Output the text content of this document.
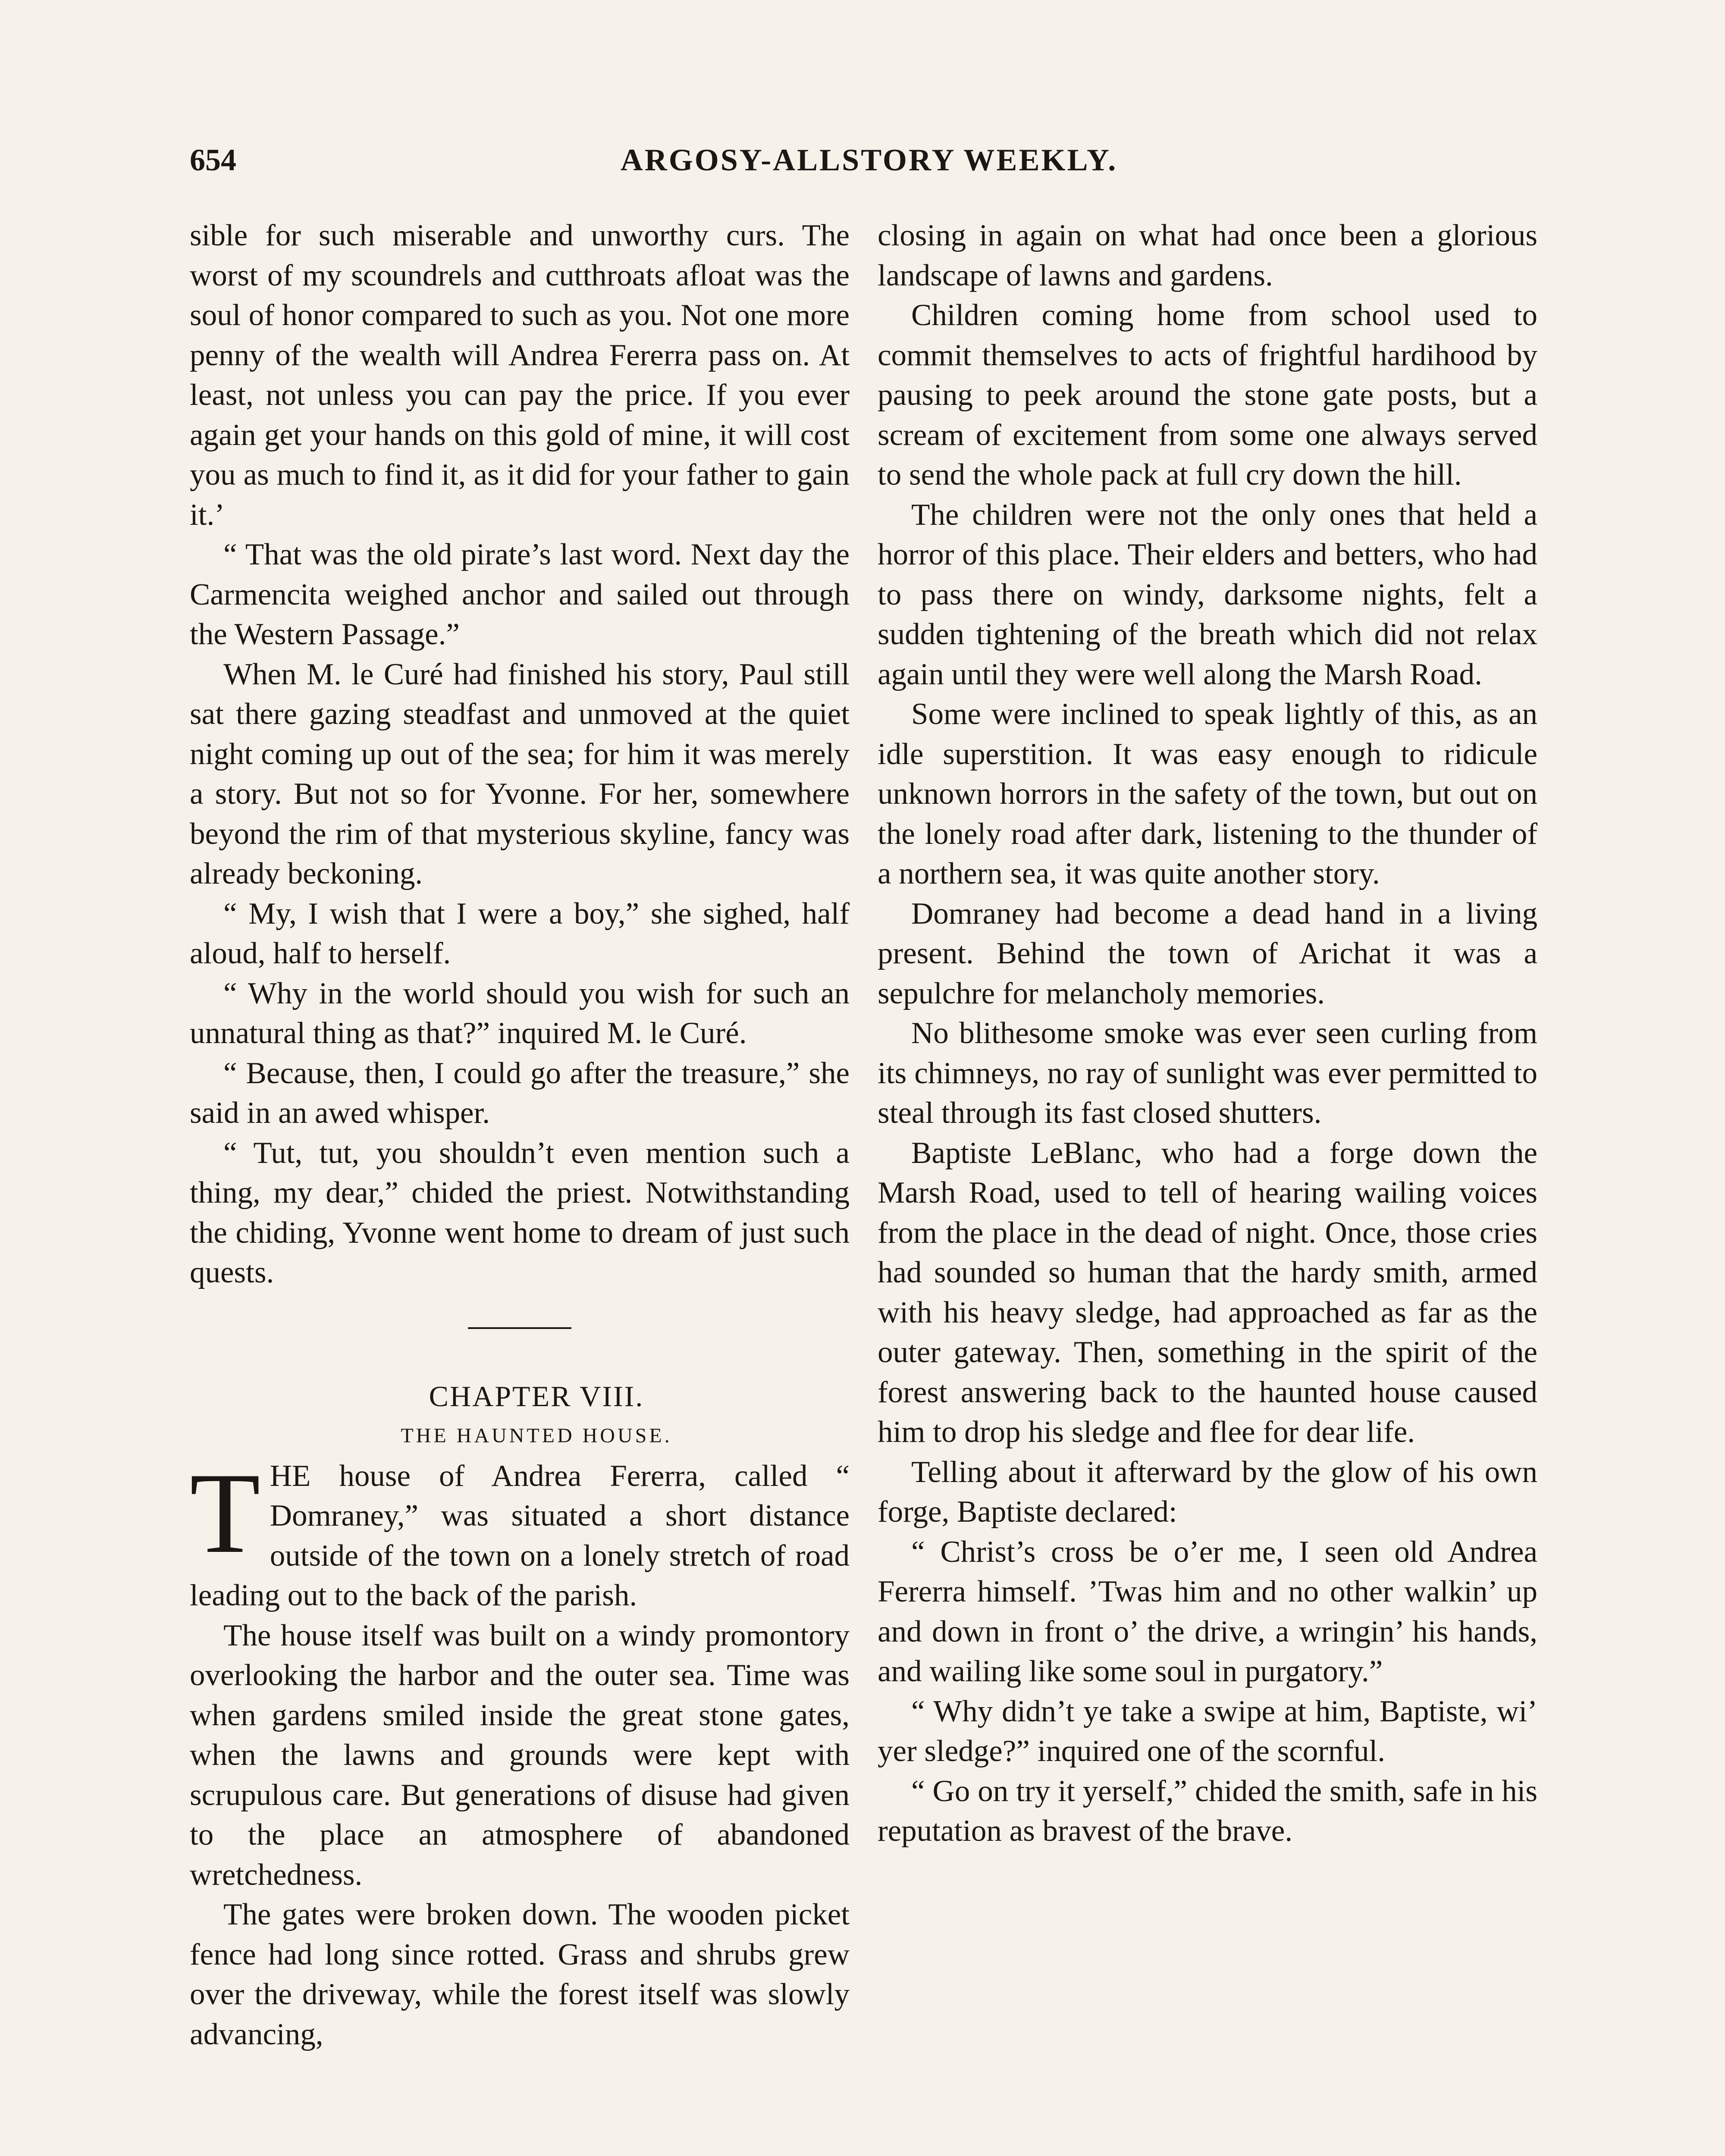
654	ARGOSY-ALLSTORY WEEKLY.

sible for such miserable and unworthy curs. The worst of my scoundrels and cutthroats afloat was the soul of honor compared to such as you. Not one more penny of the wealth will Andrea Fererra pass on. At least, not unless you can pay the price. If you ever again get your hands on this gold of mine, it will cost you as much to find it, as it did for your father to gain it.’

“ That was the old pirate’s last word. Next day the Carmencita weighed anchor and sailed out through the Western Passage.”

When M. le Curé had finished his story, Paul still sat there gazing steadfast and unmoved at the quiet night coming up out of the sea; for him it was merely a story. But not so for Yvonne. For her, somewhere beyond the rim of that mysterious skyline, fancy was already beckoning.

“ My, I wish that I were a boy,” she sighed, half aloud, half to herself.

“ Why in the world should you wish for such an unnatural thing as that?” inquired M. le Curé.

“ Because, then, I could go after the treasure,” she said in an awed whisper.

“ Tut, tut, you shouldn’t even mention such a thing, my dear,” chided the priest. Notwithstanding the chiding, Yvonne went home to dream of just such quests.

CHAPTER VIII.

THE HAUNTED HOUSE.

THE house of Andrea Fererra, called “ Domraney,” was situated a short distance outside of the town on a lonely stretch of road leading out to the back of the parish.

The house itself was built on a windy promontory overlooking the harbor and the outer sea. Time was when gardens smiled inside the great stone gates, when the lawns and grounds were kept with scrupulous care. But generations of disuse had given to the place an atmosphere of abandoned wretchedness.

The gates were broken down. The wooden picket fence had long since rotted. Grass and shrubs grew over the driveway, while the forest itself was slowly advancing,

closing in again on what had once been a glorious landscape of lawns and gardens.

Children coming home from school used to commit themselves to acts of frightful hardihood by pausing to peek around the stone gate posts, but a scream of excitement from some one always served to send the whole pack at full cry down the hill.

The children were not the only ones that held a horror of this place. Their elders and betters, who had to pass there on windy, darksome nights, felt a sudden tightening of the breath which did not relax again until they were well along the Marsh Road.

Some were inclined to speak lightly of this, as an idle superstition. It was easy enough to ridicule unknown horrors in the safety of the town, but out on the lonely road after dark, listening to the thunder of a northern sea, it was quite another story.

Domraney had become a dead hand in a living present. Behind the town of Arichat it was a sepulchre for melancholy memories.

No blithesome smoke was ever seen curling from its chimneys, no ray of sunlight was ever permitted to steal through its fast closed shutters.

Baptiste LeBlanc, who had a forge down the Marsh Road, used to tell of hearing wailing voices from the place in the dead of night. Once, those cries had sounded so human that the hardy smith, armed with his heavy sledge, had approached as far as the outer gateway. Then, something in the spirit of the forest answering back to the haunted house caused him to drop his sledge and flee for dear life.

Telling about it afterward by the glow of his own forge, Baptiste declared:

“ Christ’s cross be o’er me, I seen old Andrea Fererra himself. ’Twas him and no other walkin’ up and down in front o’ the drive, a wringin’ his hands, and wailing like some soul in purgatory.”

“ Why didn’t ye take a swipe at him, Baptiste, wi’ yer sledge?” inquired one of the scornful.

“ Go on try it yerself,” chided the smith, safe in his reputation as bravest of the brave.
